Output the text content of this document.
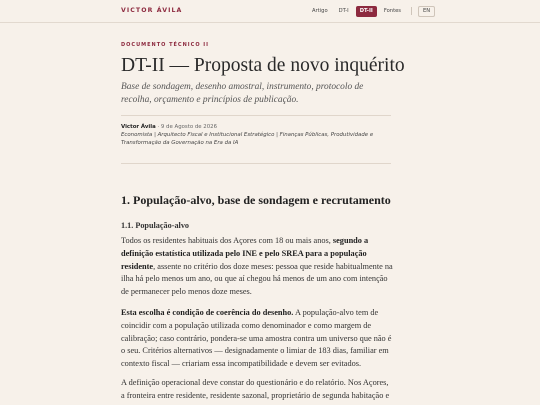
VICTOR ÁVILA	Artigo	DT-I	DT-II	Fontes	EN
DOCUMENTO TÉCNICO II
DT-II — Proposta de novo inquérito

Base de sondagem, desenho amostral, instrumento, protocolo de recolha, orçamento e princípios de publicação.

Victor Ávila · 9 de Agosto de 2026
Economista | Arquitecto Fiscal e Institucional Estratégico | Finanças Públicas, Produtividade e Transformação da Governação na Era da IA
1. População-alvo, base de sondagem e recrutamento
1.1. População-alvo

Todos os residentes habituais dos Açores com 18 ou mais anos, segundo a definição estatística utilizada pelo INE e pelo SREA para a população residente, assente no critério dos doze meses: pessoa que reside habitualmente na ilha há pelo menos um ano, ou que aí chegou há menos de um ano com intenção de permanecer pelo menos doze meses.

Esta escolha é condição de coerência do desenho. A população-alvo tem de coincidir com a população utilizada como denominador e como margem de calibração; caso contrário, pondera-se uma amostra contra um universo que não é o seu. Critérios alternativos — designadamente o limiar de 183 dias, familiar em contexto fiscal — criariam essa incompatibilidade e devem ser evitados.

A definição operacional deve constar do questionário e do relatório. Nos Açores, a fronteira entre residente, residente sazonal, proprietário de segunda habitação e
